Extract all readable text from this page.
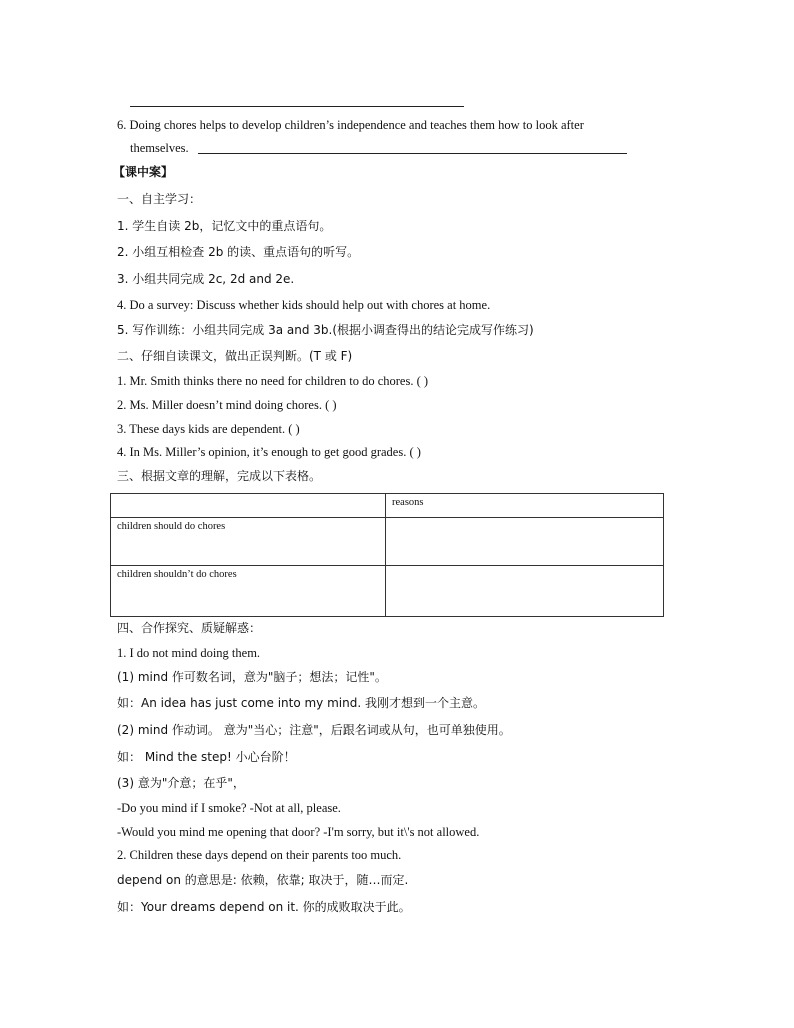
6. Doing chores helps to develop children’s independence and teaches them how to look after
themselves.
【课中案】
一、自主学习：
1. 学生自读 2b，记忆文中的重点语句。
2. 小组互相检查 2b 的读、重点语句的听写。
3. 小组共同完成 2c, 2d and 2e.
4. Do a survey: Discuss whether kids should help out with chores at home.
5. 写作训练：小组共同完成 3a and 3b.(根据小调查得出的结论完成写作练习)
二、仔细自读课文，做出正误判断。(T 或 F)
1. Mr. Smith thinks there no need for children to do chores. ( )
2. Ms. Miller doesn’t mind doing chores. ( )
3. These days kids are dependent. ( )
4. In Ms. Miller’s opinion, it’s enough to get good grades. ( )
三、根据文章的理解，完成以下表格。
	reasons
children should do chores	
children shouldn’t do chores	
四、合作探究、质疑解惑：
1. I do not mind doing them.
(1) mind 作可数名词，意为"脑子；想法；记性"。
如：An idea has just come into my mind. 我刚才想到一个主意。
(2) mind 作动词。 意为"当心；注意"，后跟名词或从句，也可单独使用。
如： Mind the step! 小心台阶！
(3) 意为"介意；在乎"，
-Do you mind if I smoke? -Not at all, please.
-Would you mind me opening that door? -I'm sorry, but it\'s not allowed.
2. Children these days depend on their parents too much.
depend on 的意思是: 依赖，依靠; 取决于，随…而定.
如：Your dreams depend on it. 你的成败取决于此。
